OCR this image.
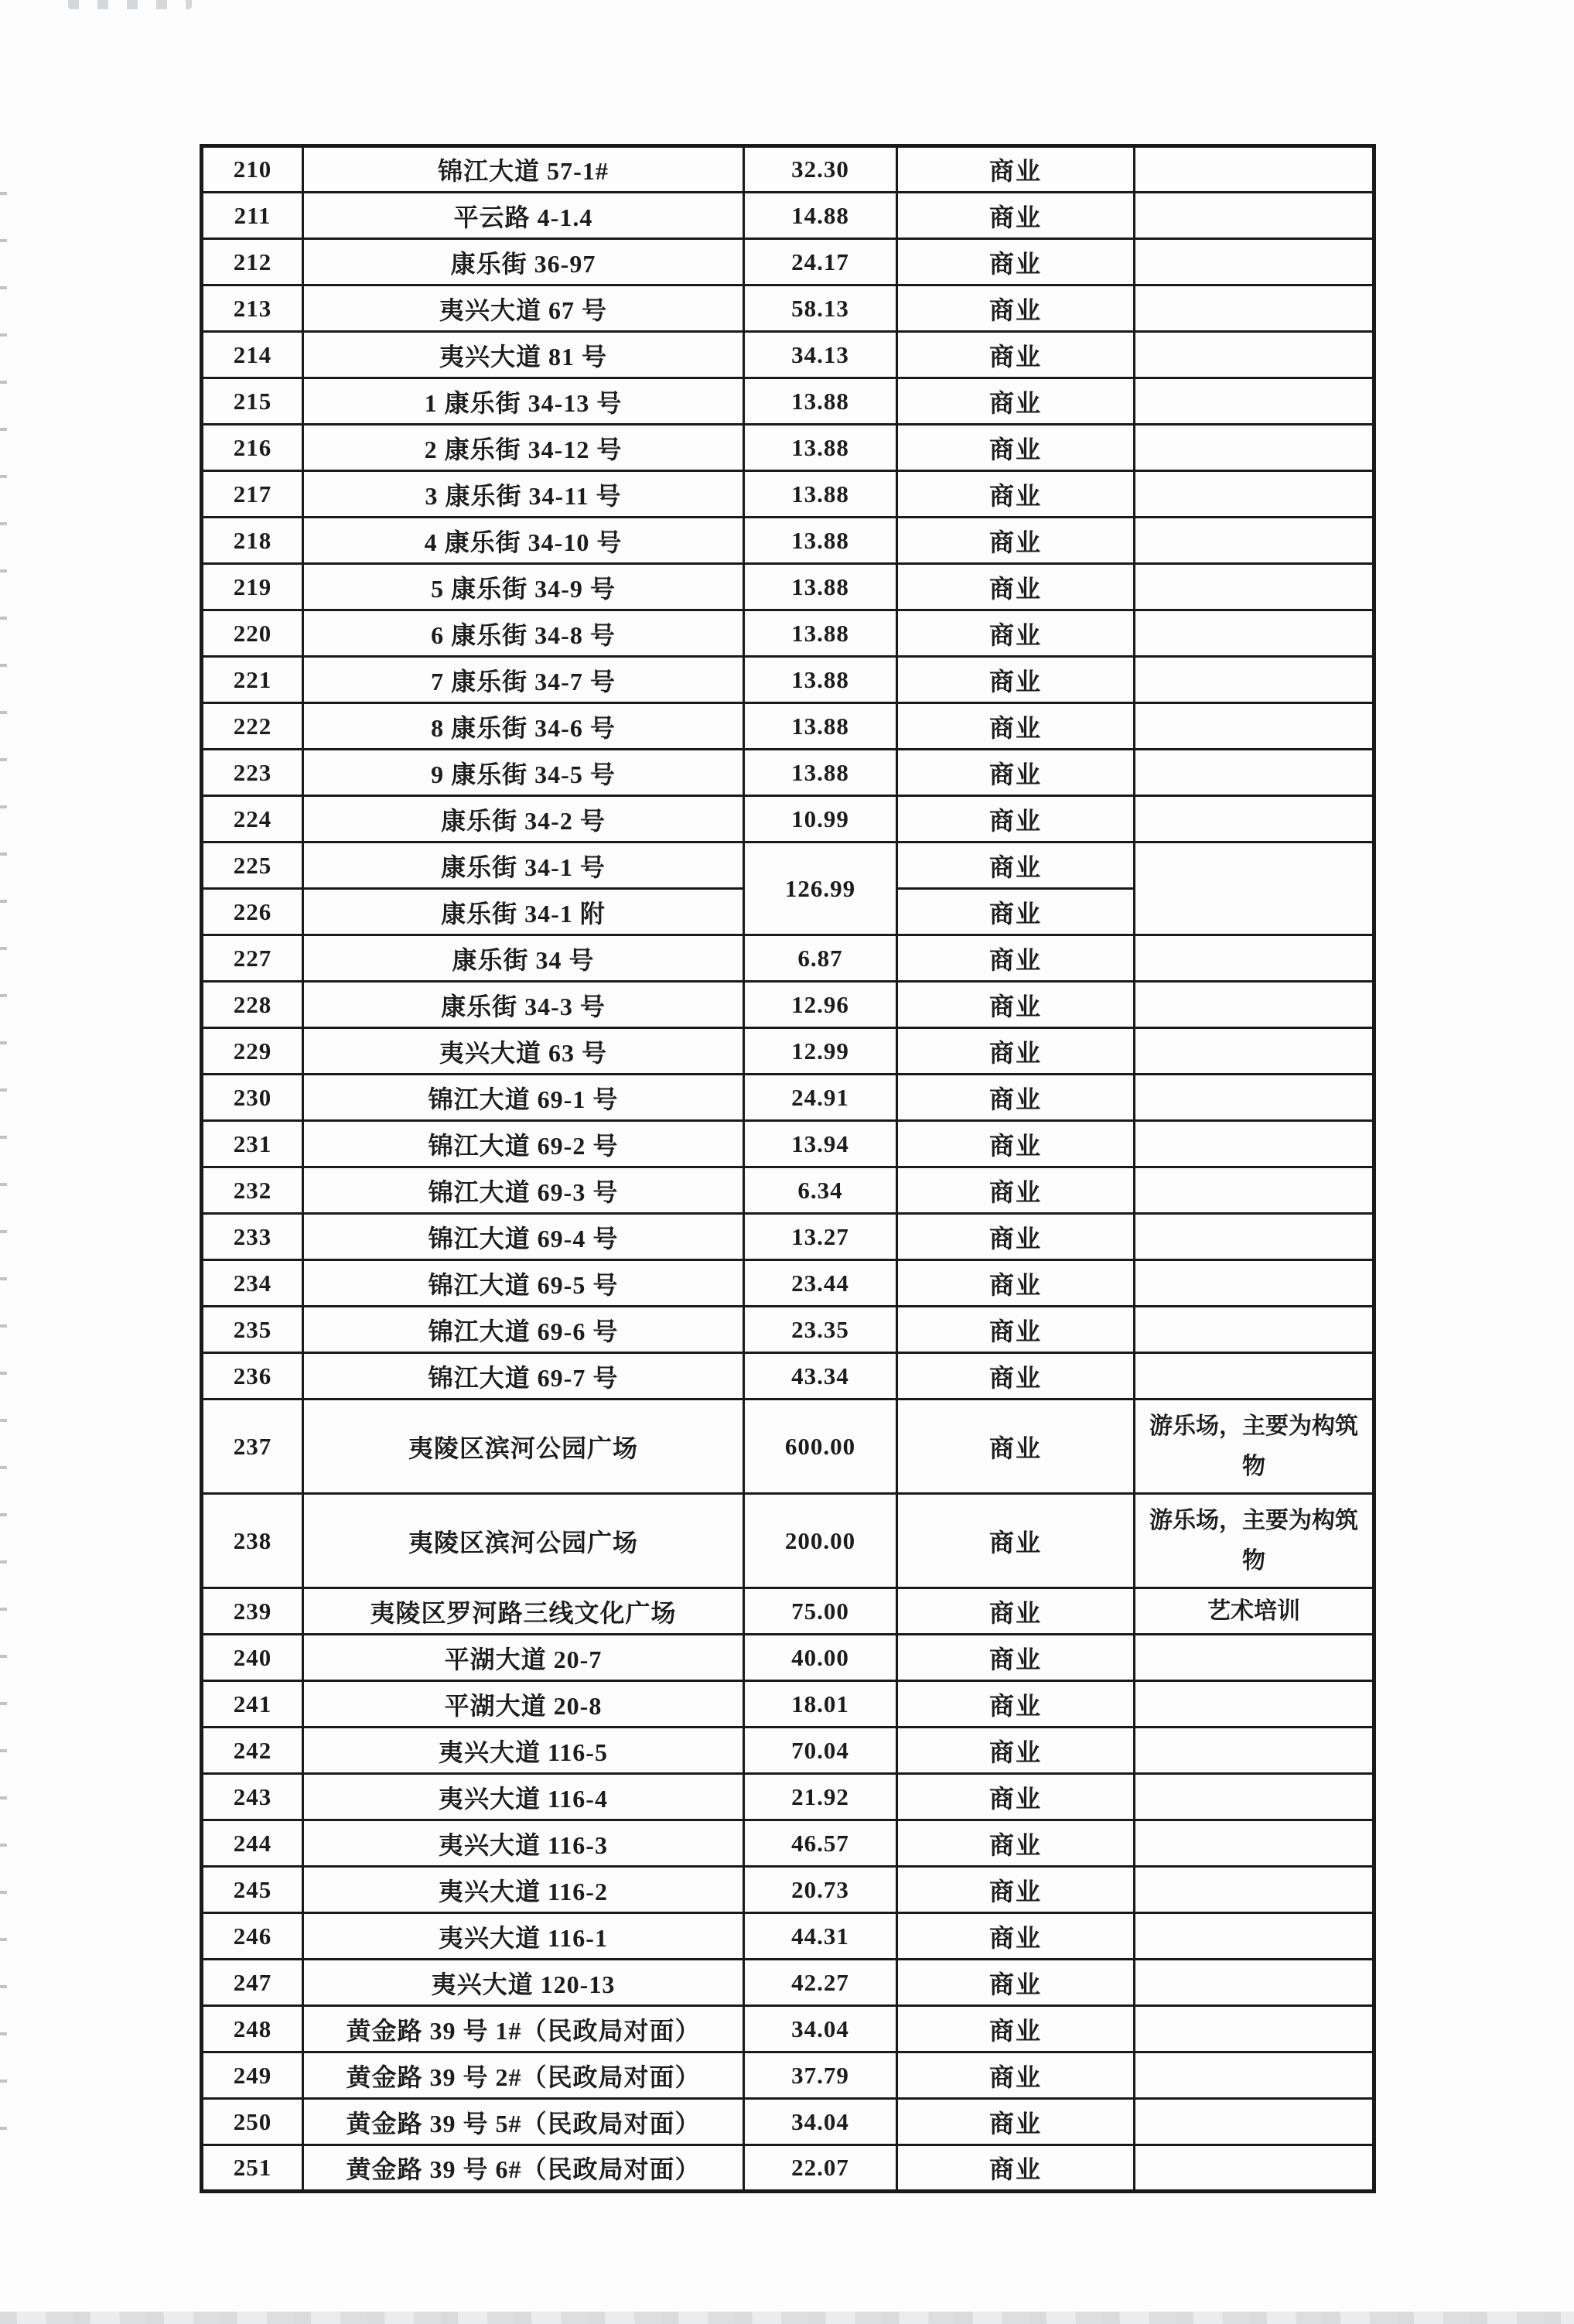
210	锦江大道 57-1#	32.30	商业	
211	平云路 4-1.4	14.88	商业	
212	康乐街 36-97	24.17	商业	
213	夷兴大道 67 号	58.13	商业	
214	夷兴大道 81 号	34.13	商业	
215	1 康乐街 34-13 号	13.88	商业	
216	2 康乐街 34-12 号	13.88	商业	
217	3 康乐街 34-11 号	13.88	商业	
218	4 康乐街 34-10 号	13.88	商业	
219	5 康乐街 34-9 号	13.88	商业	
220	6 康乐街 34-8 号	13.88	商业	
221	7 康乐街 34-7 号	13.88	商业	
222	8 康乐街 34-6 号	13.88	商业	
223	9 康乐街 34-5 号	13.88	商业	
224	康乐街 34-2 号	10.99	商业	
225	康乐街 34-1 号	126.99	商业	
226	康乐街 34-1 附		商业	
227	康乐街 34 号	6.87	商业	
228	康乐街 34-3 号	12.96	商业	
229	夷兴大道 63 号	12.99	商业	
230	锦江大道 69-1 号	24.91	商业	
231	锦江大道 69-2 号	13.94	商业	
232	锦江大道 69-3 号	6.34	商业	
233	锦江大道 69-4 号	13.27	商业	
234	锦江大道 69-5 号	23.44	商业	
235	锦江大道 69-6 号	23.35	商业	
236	锦江大道 69-7 号	43.34	商业	
237	夷陵区滨河公园广场	600.00	商业	游乐场，主要为构筑物
238	夷陵区滨河公园广场	200.00	商业	游乐场，主要为构筑物
239	夷陵区罗河路三线文化广场	75.00	商业	艺术培训
240	平湖大道 20-7	40.00	商业	
241	平湖大道 20-8	18.01	商业	
242	夷兴大道 116-5	70.04	商业	
243	夷兴大道 116-4	21.92	商业	
244	夷兴大道 116-3	46.57	商业	
245	夷兴大道 116-2	20.73	商业	
246	夷兴大道 116-1	44.31	商业	
247	夷兴大道 120-13	42.27	商业	
248	黄金路 39 号 1#（民政局对面）	34.04	商业	
249	黄金路 39 号 2#（民政局对面）	37.79	商业	
250	黄金路 39 号 5#（民政局对面）	34.04	商业	
251	黄金路 39 号 6#（民政局对面）	22.07	商业	
